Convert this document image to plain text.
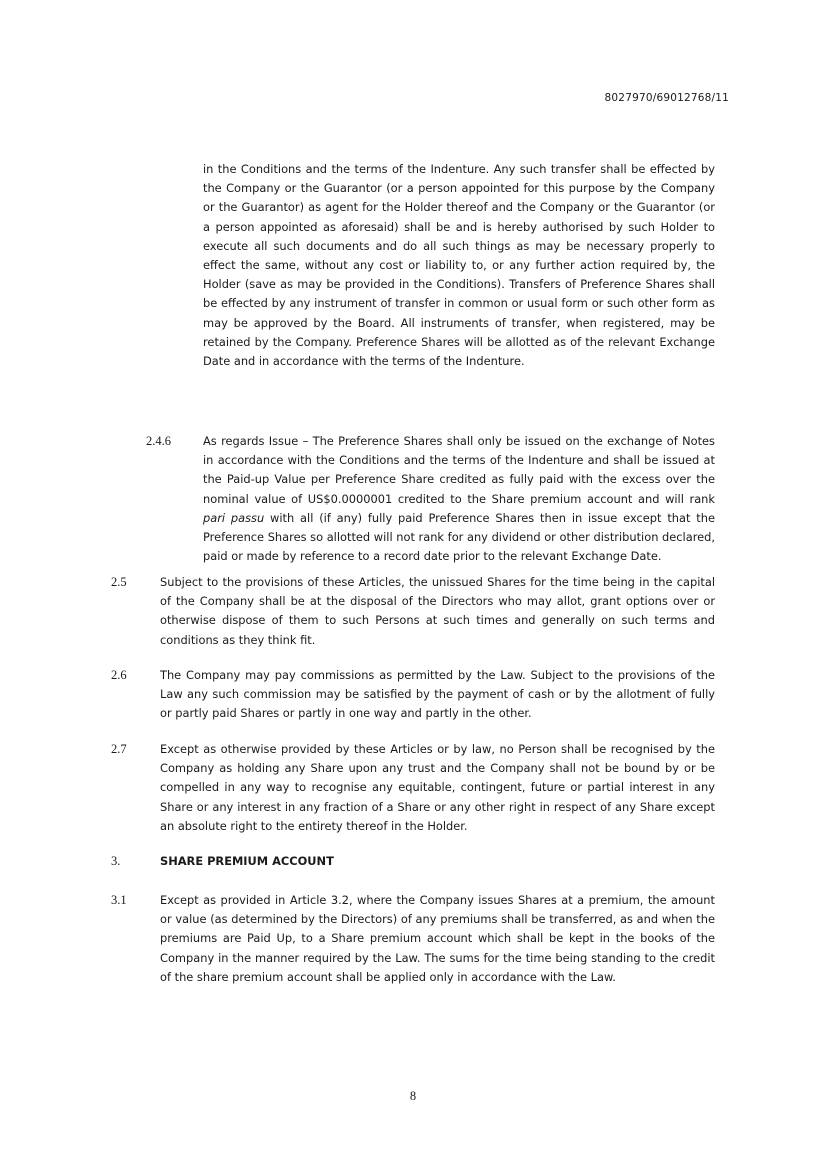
8027970/69012768/11
in the Conditions and the terms of the Indenture. Any such transfer shall be effected by the Company or the Guarantor (or a person appointed for this purpose by the Company or the Guarantor) as agent for the Holder thereof and the Company or the Guarantor (or a person appointed as aforesaid) shall be and is hereby authorised by such Holder to execute all such documents and do all such things as may be necessary properly to effect the same, without any cost or liability to, or any further action required by, the Holder (save as may be provided in the Conditions). Transfers of Preference Shares shall be effected by any instrument of transfer in common or usual form or such other form as may be approved by the Board. All instruments of transfer, when registered, may be retained by the Company. Preference Shares will be allotted as of the relevant Exchange Date and in accordance with the terms of the Indenture.
2.4.6	As regards Issue – The Preference Shares shall only be issued on the exchange of Notes in accordance with the Conditions and the terms of the Indenture and shall be issued at the Paid-up Value per Preference Share credited as fully paid with the excess over the nominal value of US$0.0000001 credited to the Share premium account and will rank pari passu with all (if any) fully paid Preference Shares then in issue except that the Preference Shares so allotted will not rank for any dividend or other distribution declared, paid or made by reference to a record date prior to the relevant Exchange Date.
2.5	Subject to the provisions of these Articles, the unissued Shares for the time being in the capital of the Company shall be at the disposal of the Directors who may allot, grant options over or otherwise dispose of them to such Persons at such times and generally on such terms and conditions as they think fit.
2.6	The Company may pay commissions as permitted by the Law. Subject to the provisions of the Law any such commission may be satisfied by the payment of cash or by the allotment of fully or partly paid Shares or partly in one way and partly in the other.
2.7	Except as otherwise provided by these Articles or by law, no Person shall be recognised by the Company as holding any Share upon any trust and the Company shall not be bound by or be compelled in any way to recognise any equitable, contingent, future or partial interest in any Share or any interest in any fraction of a Share or any other right in respect of any Share except an absolute right to the entirety thereof in the Holder.
3.	SHARE PREMIUM ACCOUNT
3.1	Except as provided in Article 3.2, where the Company issues Shares at a premium, the amount or value (as determined by the Directors) of any premiums shall be transferred, as and when the premiums are Paid Up, to a Share premium account which shall be kept in the books of the Company in the manner required by the Law. The sums for the time being standing to the credit of the share premium account shall be applied only in accordance with the Law.
8
